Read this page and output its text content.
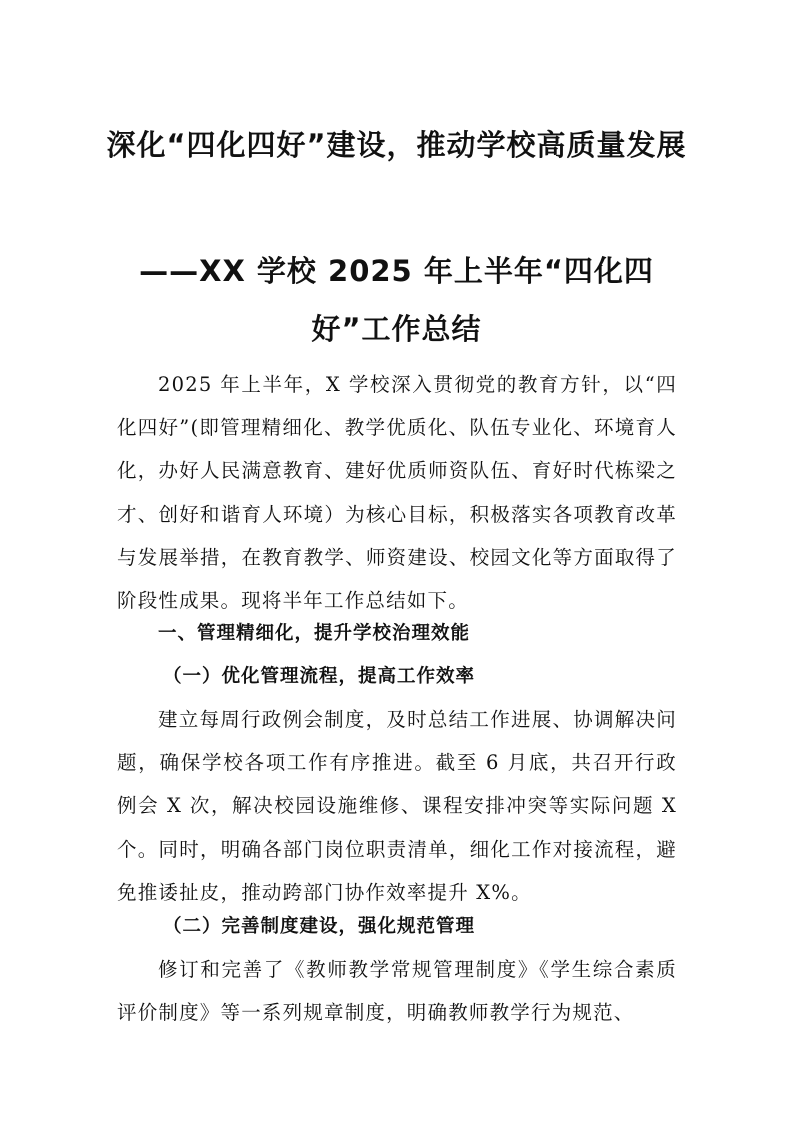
深化“四化四好”建设，推动学校高质量发展
——XX 学校 2025 年上半年“四化四好”工作总结

2025 年上半年，X 学校深入贯彻党的教育方针，以“四化四好”(即管理精细化、教学优质化、队伍专业化、环境育人化，办好人民满意教育、建好优质师资队伍、育好时代栋梁之才、创好和谐育人环境）为核心目标，积极落实各项教育改革与发展举措，在教育教学、师资建设、校园文化等方面取得了阶段性成果。现将半年工作总结如下。

一、管理精细化，提升学校治理效能
（一）优化管理流程，提高工作效率

建立每周行政例会制度，及时总结工作进展、协调解决问题，确保学校各项工作有序推进。截至 6 月底，共召开行政例会 X 次，解决校园设施维修、课程安排冲突等实际问题 X 个。同时，明确各部门岗位职责清单，细化工作对接流程，避免推诿扯皮，推动跨部门协作效率提升 X%。

（二）完善制度建设，强化规范管理

修订和完善了《教师教学常规管理制度》《学生综合素质评价制度》等一系列规章制度，明确教师教学行为规范、
